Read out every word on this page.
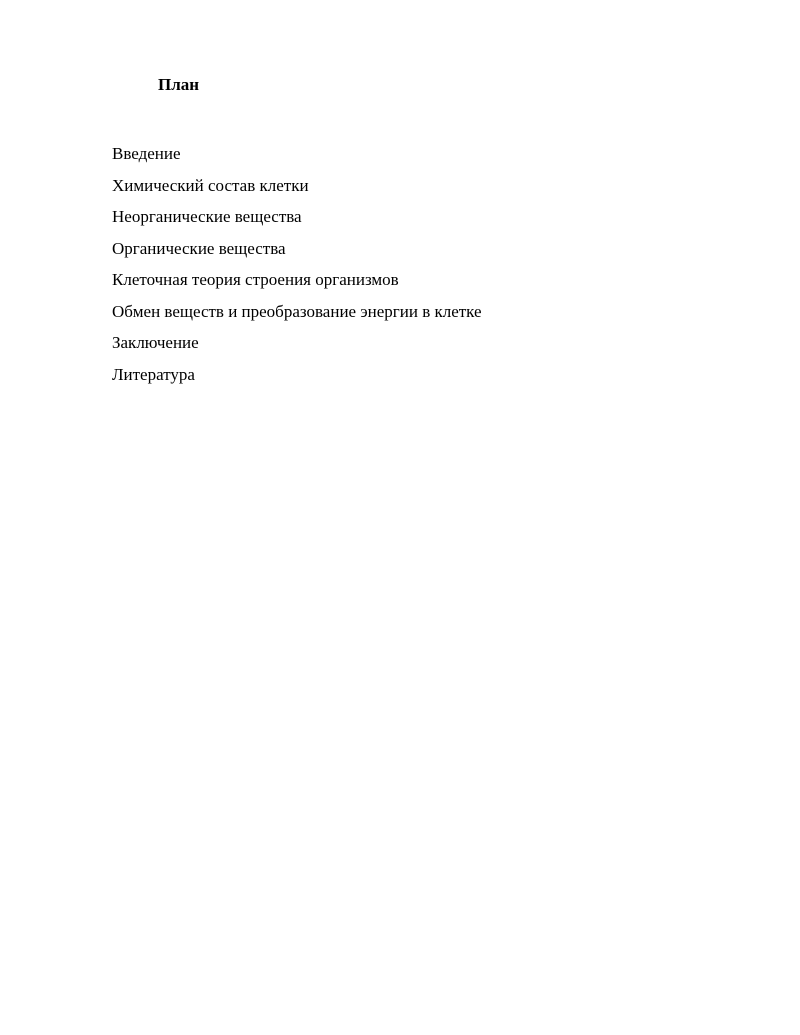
План
Введение
Химический состав клетки
Неорганические вещества
Органические вещества
Клеточная теория строения организмов
Обмен веществ и преобразование энергии в клетке
Заключение
Литература
